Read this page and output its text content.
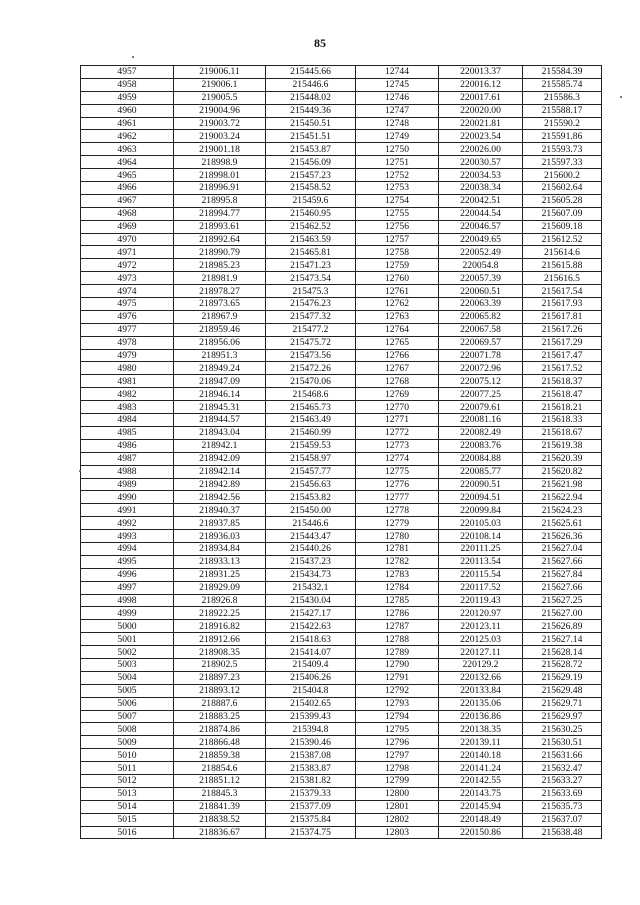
85
4957	219006.11	215445.66	12744	220013.37	215584.39
4958	219006.1	215446.6	12745	220016.12	215585.74
4959	219005.5	215448.02	12746	220017.61	215586.3
4960	219004.96	215449.36	12747	220020.00	215588.17
4961	219003.72	215450.51	12748	220021.81	215590.2
4962	219003.24	215451.51	12749	220023.54	215591.86
4963	219001.18	215453.87	12750	220026.00	215593.73
4964	218998.9	215456.09	12751	220030.57	215597.33
4965	218998.01	215457.23	12752	220034.53	215600.2
4966	218996.91	215458.52	12753	220038.34	215602.64
4967	218995.8	215459.6	12754	220042.51	215605.28
4968	218994.77	215460.95	12755	220044.54	215607.09
4969	218993.61	215462.52	12756	220046.57	215609.18
4970	218992.64	215463.59	12757	220049.65	215612.52
4971	218990.79	215465.81	12758	220052.49	215614.6
4972	218985.23	215471.23	12759	220054.8	215615.88
4973	218981.9	215473.54	12760	220057.39	215616.5
4974	218978.27	215475.3	12761	220060.51	215617.54
4975	218973.65	215476.23	12762	220063.39	215617.93
4976	218967.9	215477.32	12763	220065.82	215617.81
4977	218959.46	215477.2	12764	220067.58	215617.26
4978	218956.06	215475.72	12765	220069.57	215617.29
4979	218951.3	215473.56	12766	220071.78	215617.47
4980	218949.24	215472.26	12767	220072.96	215617.52
4981	218947.09	215470.06	12768	220075.12	215618.37
4982	218946.14	215468.6	12769	220077.25	215618.47
4983	218945.31	215465.73	12770	220079.61	215618.21
4984	218944.57	215463.49	12771	220081.16	215618.33
4985	218943.04	215460.99	12772	220082.49	215618.67
4986	218942.1	215459.53	12773	220083.76	215619.38
4987	218942.09	215458.97	12774	220084.88	215620.39
4988	218942.14	215457.77	12775	220085.77	215620.82
4989	218942.89	215456.63	12776	220090.51	215621.98
4990	218942.56	215453.82	12777	220094.51	215622.94
4991	218940.37	215450.00	12778	220099.84	215624.23
4992	218937.85	215446.6	12779	220105.03	215625.61
4993	218936.03	215443.47	12780	220108.14	215626.36
4994	218934.84	215440.26	12781	220111.25	215627.04
4995	218933.13	215437.23	12782	220113.54	215627.66
4996	218931.25	215434.73	12783	220115.54	215627.84
4997	218929.09	215432.1	12784	220117.52	215627.66
4998	218926.8	215430.04	12785	220119.43	215627.25
4999	218922.25	215427.17	12786	220120.97	215627.00
5000	218916.82	215422.63	12787	220123.11	215626.89
5001	218912.66	215418.63	12788	220125.03	215627.14
5002	218908.35	215414.07	12789	220127.11	215628.14
5003	218902.5	215409.4	12790	220129.2	215628.72
5004	218897.23	215406.26	12791	220132.66	215629.19
5005	218893.12	215404.8	12792	220133.84	215629.48
5006	218887.6	215402.65	12793	220135.06	215629.71
5007	218883.25	215399.43	12794	220136.86	215629.97
5008	218874.86	215394.8	12795	220138.35	215630.25
5009	218866.48	215390.46	12796	220139.11	215630.51
5010	218859.38	215387.08	12797	220140.18	215631.66
5011	218854.6	215383.87	12798	220141.24	215632.47
5012	218851.12	215381.82	12799	220142.55	215633.27
5013	218845.3	215379.33	12800	220143.75	215633.69
5014	218841.39	215377.09	12801	220145.94	215635.73
5015	218838.52	215375.84	12802	220148.49	215637.07
5016	218836.67	215374.75	12803	220150.86	215638.48
